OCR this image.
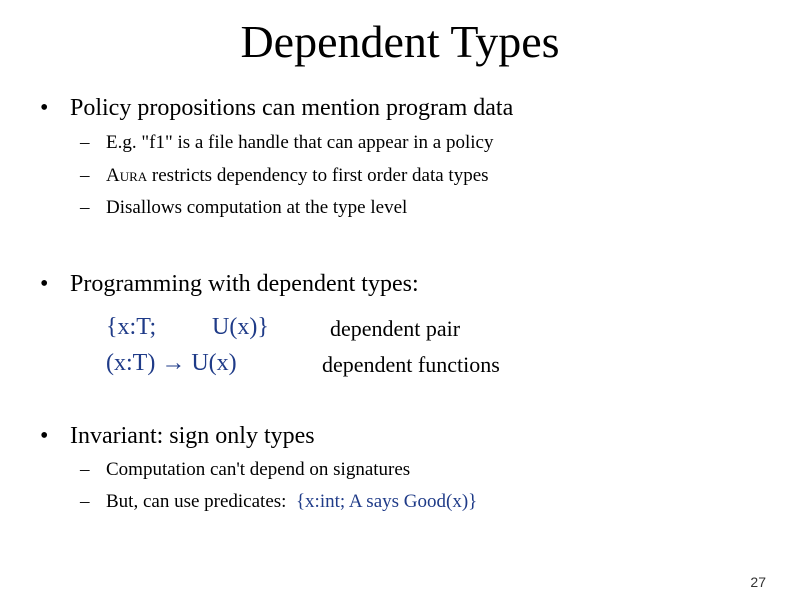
Dependent Types
• Policy propositions can mention program data
– E.g. "f1" is a file handle that can appear in a policy
– Aura restricts dependency to first order data types
– Disallows computation at the type level
• Programming with dependent types:
{x:T; U(x)}	dependent pair
(x:T) → U(x)	dependent functions
• Invariant: sign only types
– Computation can't depend on signatures
– But, can use predicates: {x:int; A says Good(x)}
27
